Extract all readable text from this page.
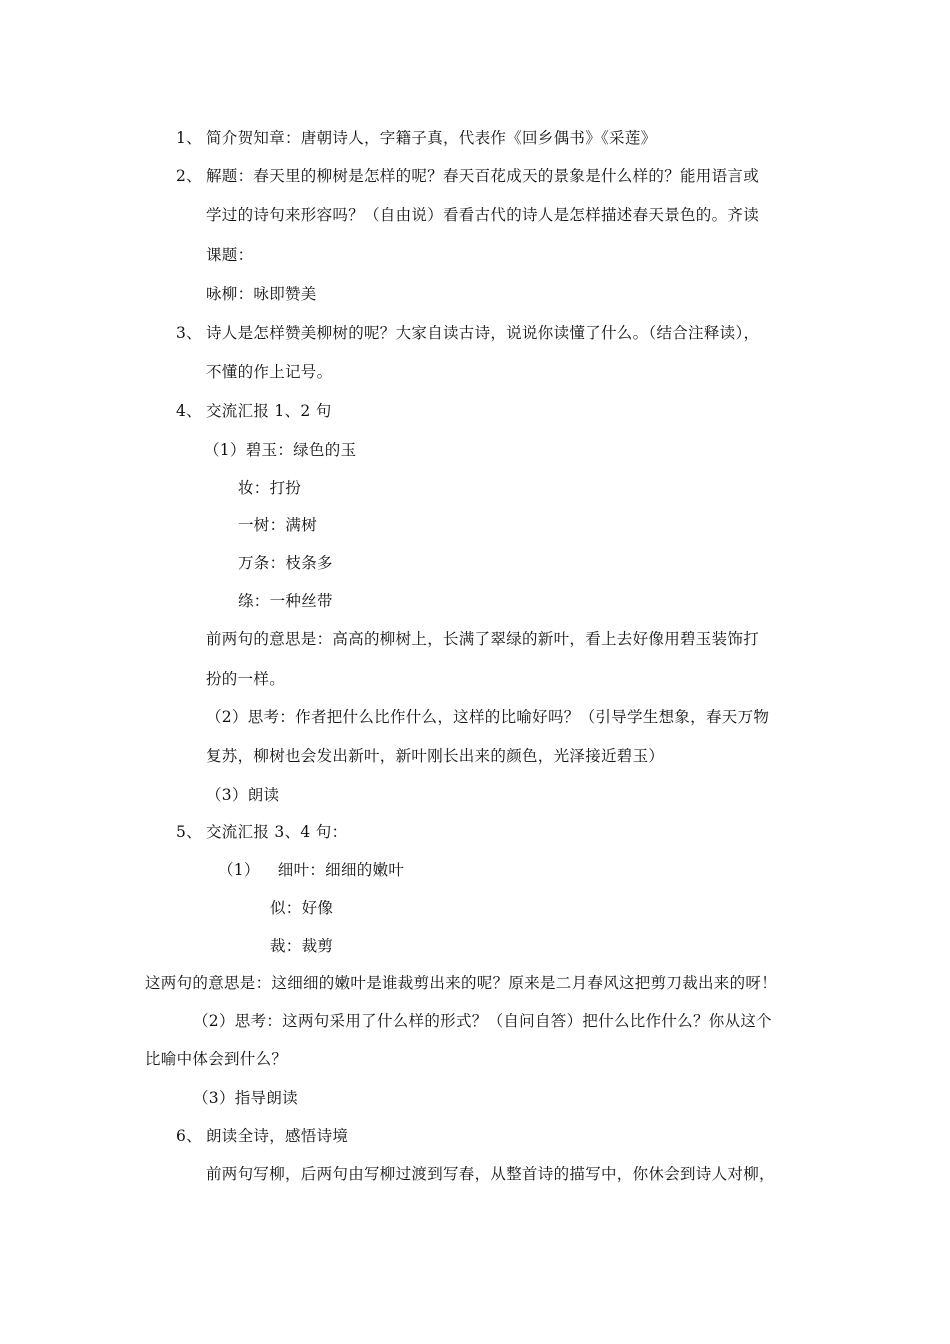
1、 简介贺知章：唐朝诗人，字籍子真，代表作《回乡偶书》《采莲》

2、 解题：春天里的柳树是怎样的呢？春天百花成天的景象是什么样的？能用语言或

学过的诗句来形容吗？（自由说）看看古代的诗人是怎样描述春天景色的。齐读

课题：

咏柳：咏即赞美

3、 诗人是怎样赞美柳树的呢？大家自读古诗，说说你读懂了什么。（结合注释读），

不懂的作上记号。

4、 交流汇报 1、2 句

（1）碧玉：绿色的玉

妆：打扮

一树：满树

万条：枝条多

绦：一种丝带

前两句的意思是：高高的柳树上，长满了翠绿的新叶，看上去好像用碧玉装饰打

扮的一样。

（2）思考：作者把什么比作什么，这样的比喻好吗？（引导学生想象，春天万物

复苏，柳树也会发出新叶，新叶刚长出来的颜色，光泽接近碧玉）

（3）朗读

5、 交流汇报 3、4 句：

（1） 细叶：细细的嫩叶

似：好像

裁：裁剪

这两句的意思是：这细细的嫩叶是谁裁剪出来的呢？原来是二月春风这把剪刀裁出来的呀！

（2）思考：这两句采用了什么样的形式？（自问自答）把什么比作什么？你从这个

比喻中体会到什么？

（3）指导朗读

6、 朗读全诗，感悟诗境

前两句写柳，后两句由写柳过渡到写春，从整首诗的描写中，你休会到诗人对柳，
